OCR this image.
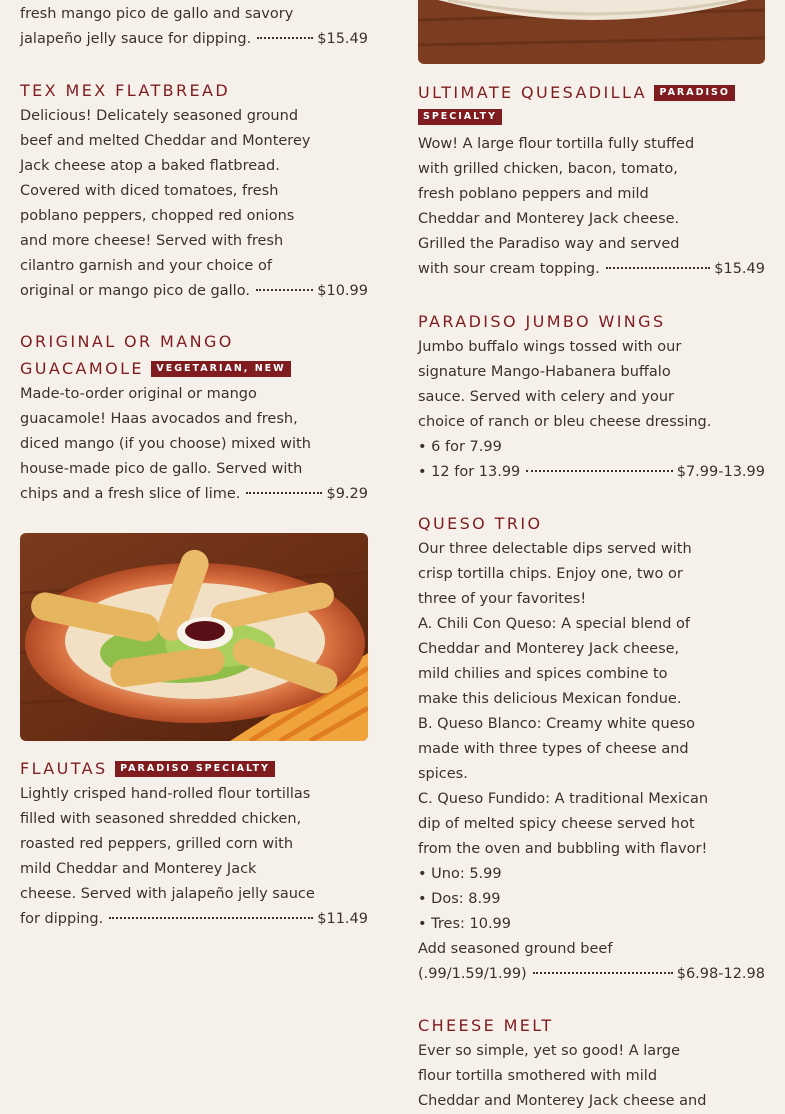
fresh mango pico de gallo and savory
jalapeño jelly sauce for dipping.	$15.49
TEX MEX FLATBREAD
Delicious! Delicately seasoned ground
beef and melted Cheddar and Monterey
Jack cheese atop a baked flatbread.
Covered with diced tomatoes, fresh
poblano peppers, chopped red onions
and more cheese! Served with fresh
cilantro garnish and your choice of
original or mango pico de gallo.	$10.99
ORIGINAL OR MANGO
GUACAMOLE VEGETARIAN, NEW
Made-to-order original or mango
guacamole! Haas avocados and fresh,
diced mango (if you choose) mixed with
house-made pico de gallo. Served with
chips and a fresh slice of lime.	$9.29
FLAUTAS PARADISO SPECIALTY
Lightly crisped hand-rolled flour tortillas
filled with seasoned shredded chicken,
roasted red peppers, grilled corn with
mild Cheddar and Monterey Jack
cheese. Served with jalapeño jelly sauce
for dipping.	$11.49
ULTIMATE QUESADILLA PARADISO
SPECIALTY
Wow! A large flour tortilla fully stuffed
with grilled chicken, bacon, tomato,
fresh poblano peppers and mild
Cheddar and Monterey Jack cheese.
Grilled the Paradiso way and served
with sour cream topping.	$15.49
PARADISO JUMBO WINGS
Jumbo buffalo wings tossed with our
signature Mango-Habanera buffalo
sauce. Served with celery and your
choice of ranch or bleu cheese dressing.
• 6 for 7.99
• 12 for 13.99	$7.99-13.99
QUESO TRIO
Our three delectable dips served with
crisp tortilla chips. Enjoy one, two or
three of your favorites!
A. Chili Con Queso: A special blend of
Cheddar and Monterey Jack cheese,
mild chilies and spices combine to
make this delicious Mexican fondue.
B. Queso Blanco: Creamy white queso
made with three types of cheese and
spices.
C. Queso Fundido: A traditional Mexican
dip of melted spicy cheese served hot
from the oven and bubbling with flavor!
• Uno: 5.99
• Dos: 8.99
• Tres: 10.99
Add seasoned ground beef
(.99/1.59/1.99)	$6.98-12.98
CHEESE MELT
Ever so simple, yet so good! A large
flour tortilla smothered with mild
Cheddar and Monterey Jack cheese and
